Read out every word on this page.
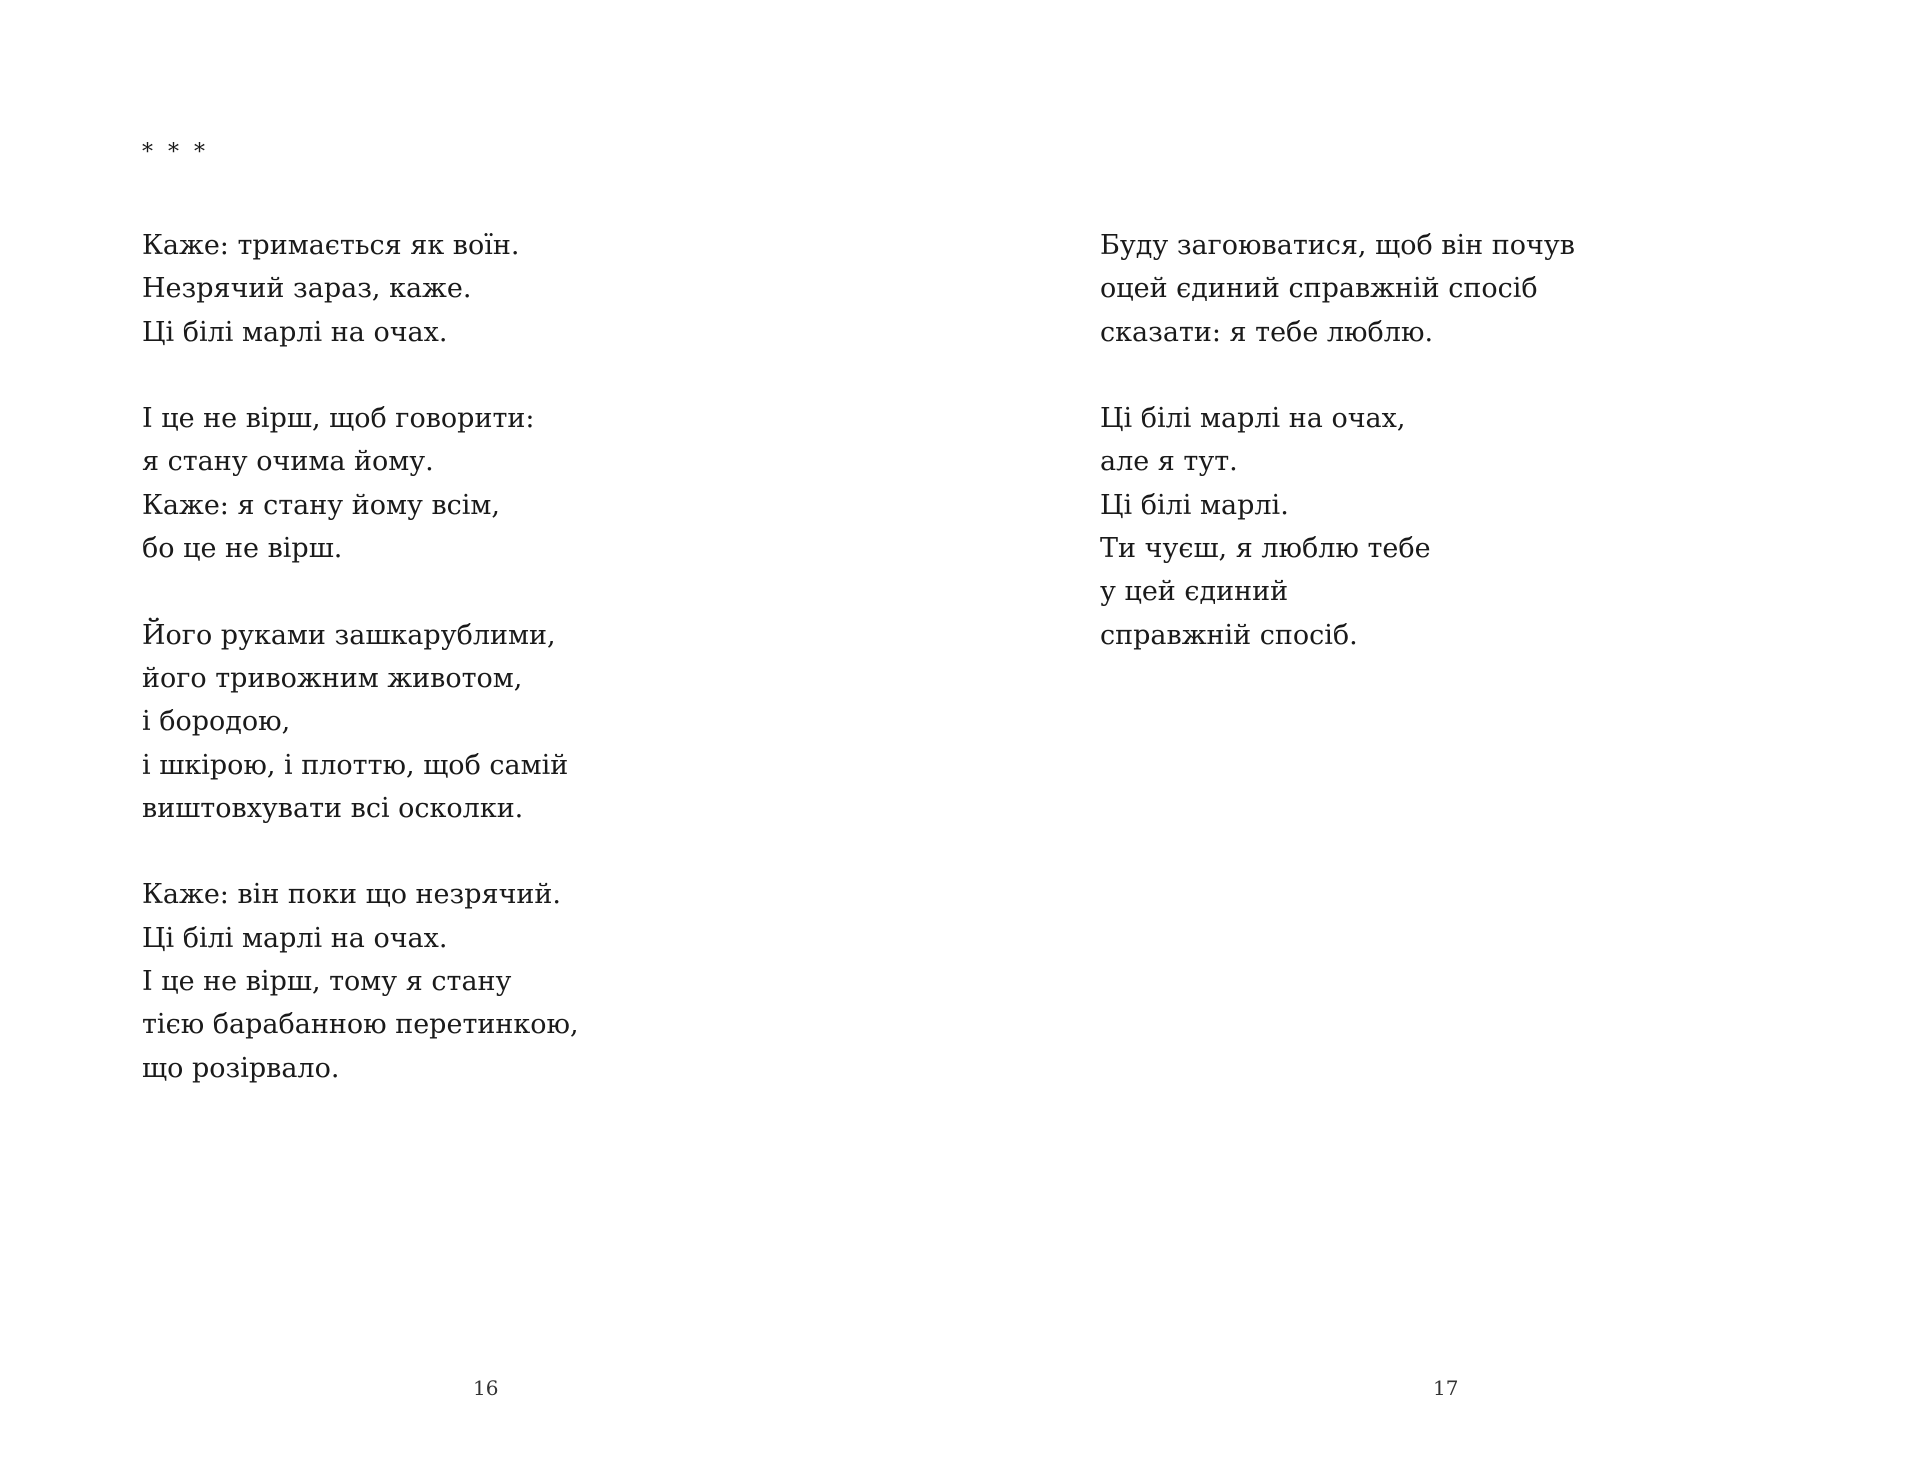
* * *
Каже: тримається як воїн.
Незрячий зараз, каже.
Ці білі марлі на очах.
І це не вірш, щоб говорити:
я стану очима йому.
Каже: я стану йому всім,
бо це не вірш.
Його руками зашкарублими,
його тривожним животом,
і бородою,
і шкірою, і плоттю, щоб самій
виштовхувати всі осколки.
Каже: він поки що незрячий.
Ці білі марлі на очах.
І це не вірш, тому я стану
тією барабанною перетинкою,
що розірвало.
16
Буду загоюватися, щоб він почув
оцей єдиний справжній спосіб
сказати: я тебе люблю.
Ці білі марлі на очах,
але я тут.
Ці білі марлі.
Ти чуєш, я люблю тебе
у цей єдиний
справжній спосіб.
17
